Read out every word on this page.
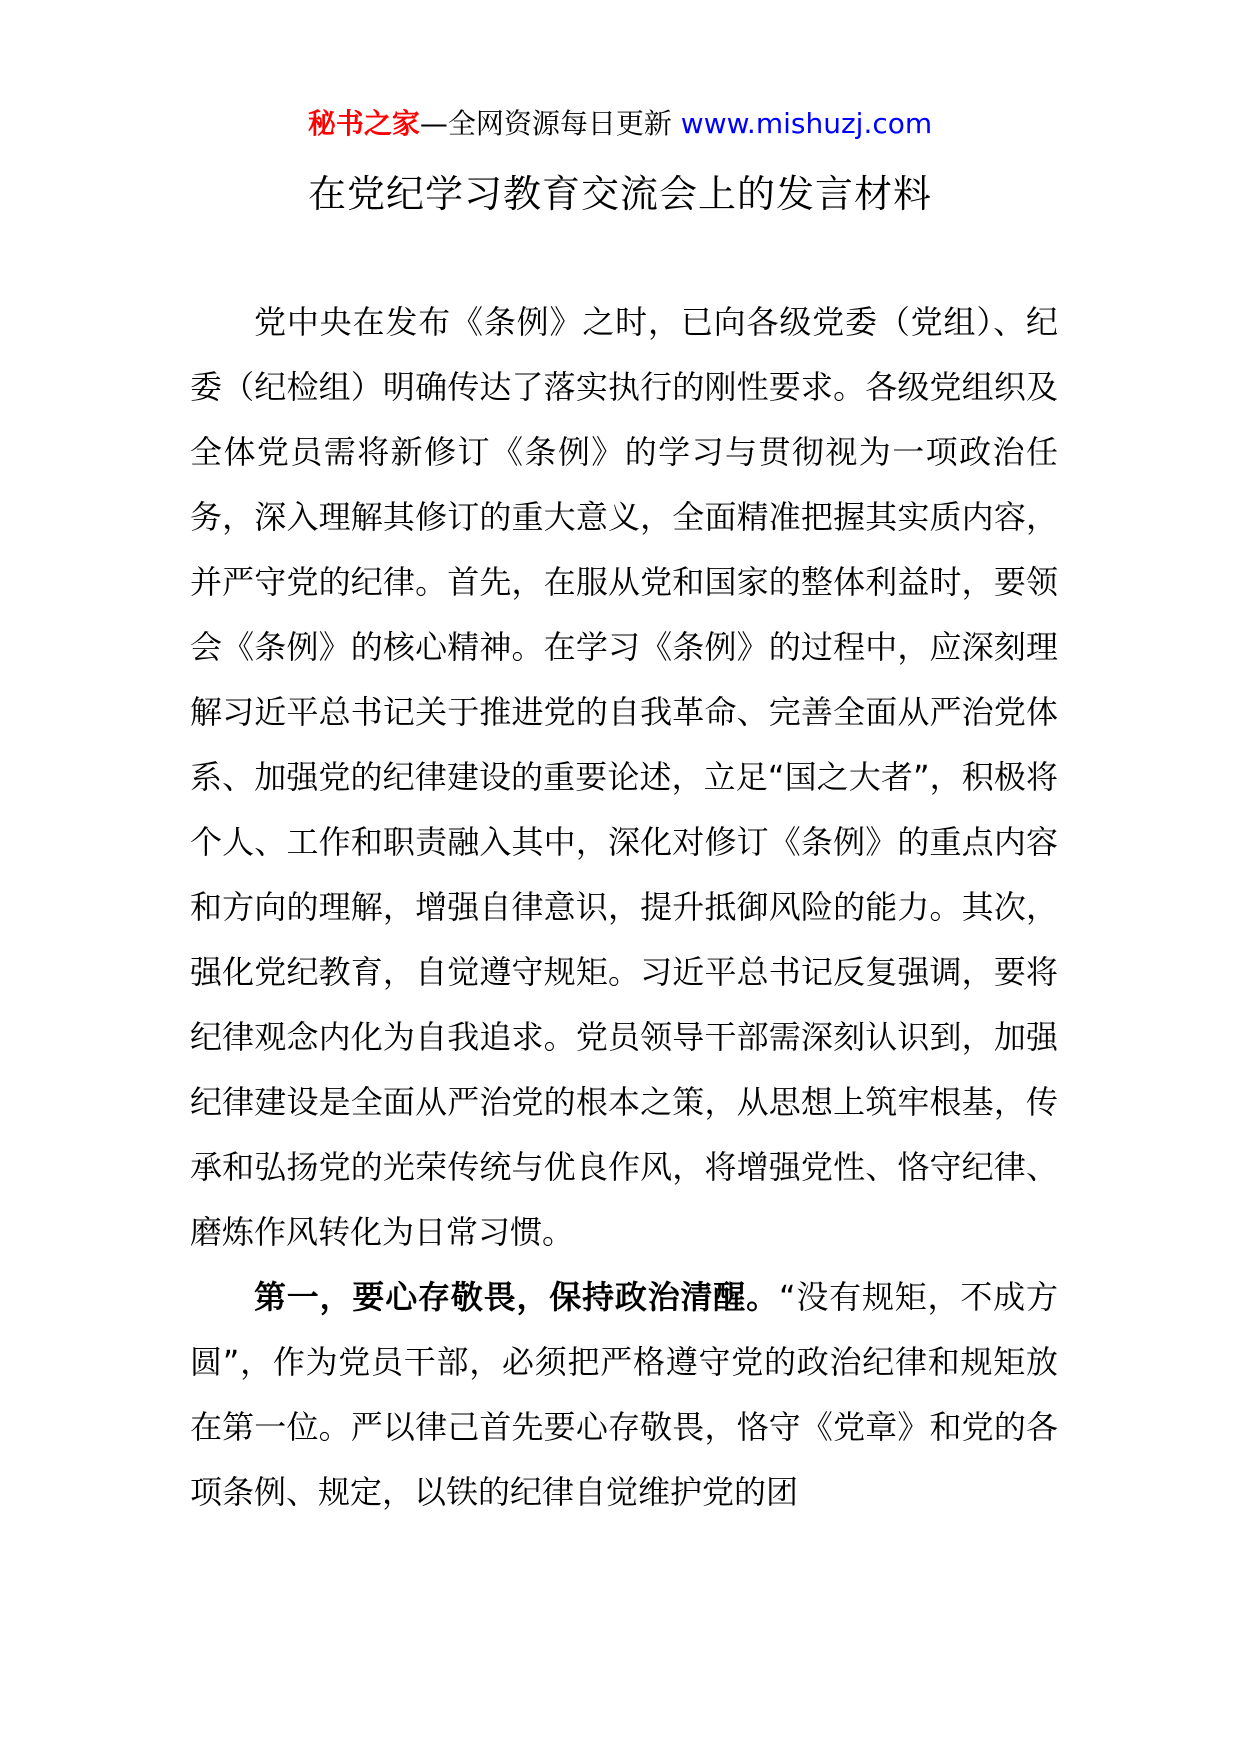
秘书之家—全网资源每日更新 www.mishuzj.com
在党纪学习教育交流会上的发言材料

党中央在发布《条例》之时，已向各级党委（党组）、纪委（纪检组）明确传达了落实执行的刚性要求。各级党组织及全体党员需将新修订《条例》的学习与贯彻视为一项政治任务，深入理解其修订的重大意义，全面精准把握其实质内容，并严守党的纪律。首先，在服从党和国家的整体利益时，要领会《条例》的核心精神。在学习《条例》的过程中，应深刻理解习近平总书记关于推进党的自我革命、完善全面从严治党体系、加强党的纪律建设的重要论述，立足“国之大者”，积极将个人、工作和职责融入其中，深化对修订《条例》的重点内容和方向的理解，增强自律意识，提升抵御风险的能力。其次，强化党纪教育，自觉遵守规矩。习近平总书记反复强调，要将纪律观念内化为自我追求。党员领导干部需深刻认识到，加强纪律建设是全面从严治党的根本之策，从思想上筑牢根基，传承和弘扬党的光荣传统与优良作风，将增强党性、恪守纪律、磨炼作风转化为日常习惯。

第一，要心存敬畏，保持政治清醒。“没有规矩，不成方圆”，作为党员干部，必须把严格遵守党的政治纪律和规矩放在第一位。严以律己首先要心存敬畏，恪守《党章》和党的各项条例、规定，以铁的纪律自觉维护党的团
